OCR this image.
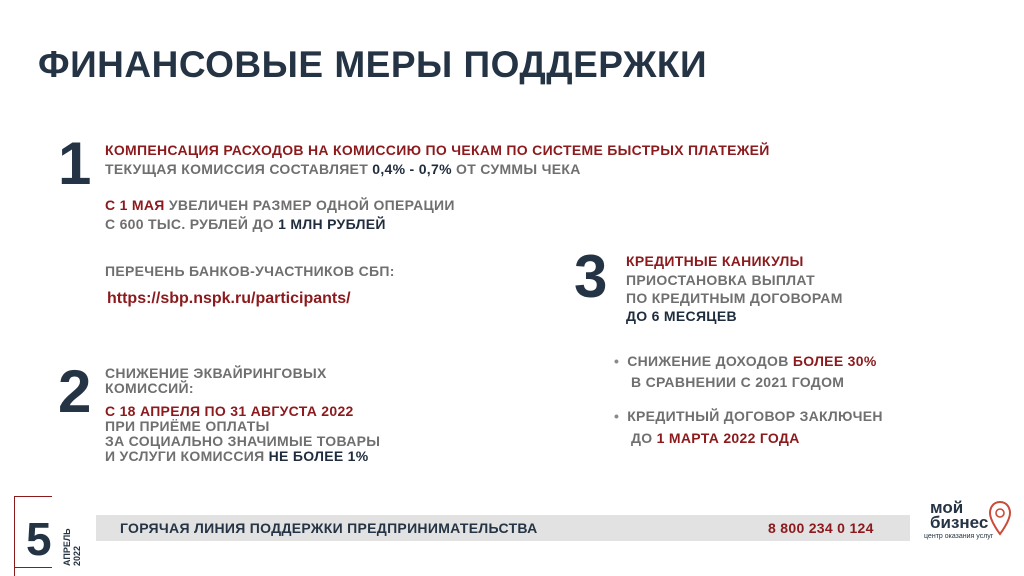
ФИНАНСОВЫЕ МЕРЫ ПОДДЕРЖКИ
1 КОМПЕНСАЦИЯ РАСХОДОВ НА КОМИССИЮ ПО ЧЕКАМ ПО СИСТЕМЕ БЫСТРЫХ ПЛАТЕЖЕЙ
ТЕКУЩАЯ КОМИССИЯ СОСТАВЛЯЕТ 0,4% - 0,7% ОТ СУММЫ ЧЕКА
С 1 МАЯ УВЕЛИЧЕН РАЗМЕР ОДНОЙ ОПЕРАЦИИ
С 600 ТЫС. РУБЛЕЙ ДО 1 МЛН РУБЛЕЙ
ПЕРЕЧЕНЬ БАНКОВ-УЧАСТНИКОВ СБП:
https://sbp.nspk.ru/participants/
2 СНИЖЕНИЕ ЭКВАЙРИНГОВЫХ
КОМИССИЙ:
С 18 АПРЕЛЯ ПО 31 АВГУСТА 2022
ПРИ ПРИЁМЕ ОПЛАТЫ
ЗА СОЦИАЛЬНО ЗНАЧИМЫЕ ТОВАРЫ
И УСЛУГИ КОМИССИЯ НЕ БОЛЕЕ 1%
3 КРЕДИТНЫЕ КАНИКУЛЫ
ПРИОСТАНОВКА ВЫПЛАТ
ПО КРЕДИТНЫМ ДОГОВОРАМ
ДО 6 МЕСЯЦЕВ
• СНИЖЕНИЕ ДОХОДОВ БОЛЕЕ 30%
В СРАВНЕНИИ С 2021 ГОДОМ
• КРЕДИТНЫЙ ДОГОВОР ЗАКЛЮЧЕН
ДО 1 МАРТА 2022 ГОДА
5 АПРЕЛЬ 2022
ГОРЯЧАЯ ЛИНИЯ ПОДДЕРЖКИ ПРЕДПРИНИМАТЕЛЬСТВА	8 800 234 0 124
мой
бизнес
центр оказания услуг
